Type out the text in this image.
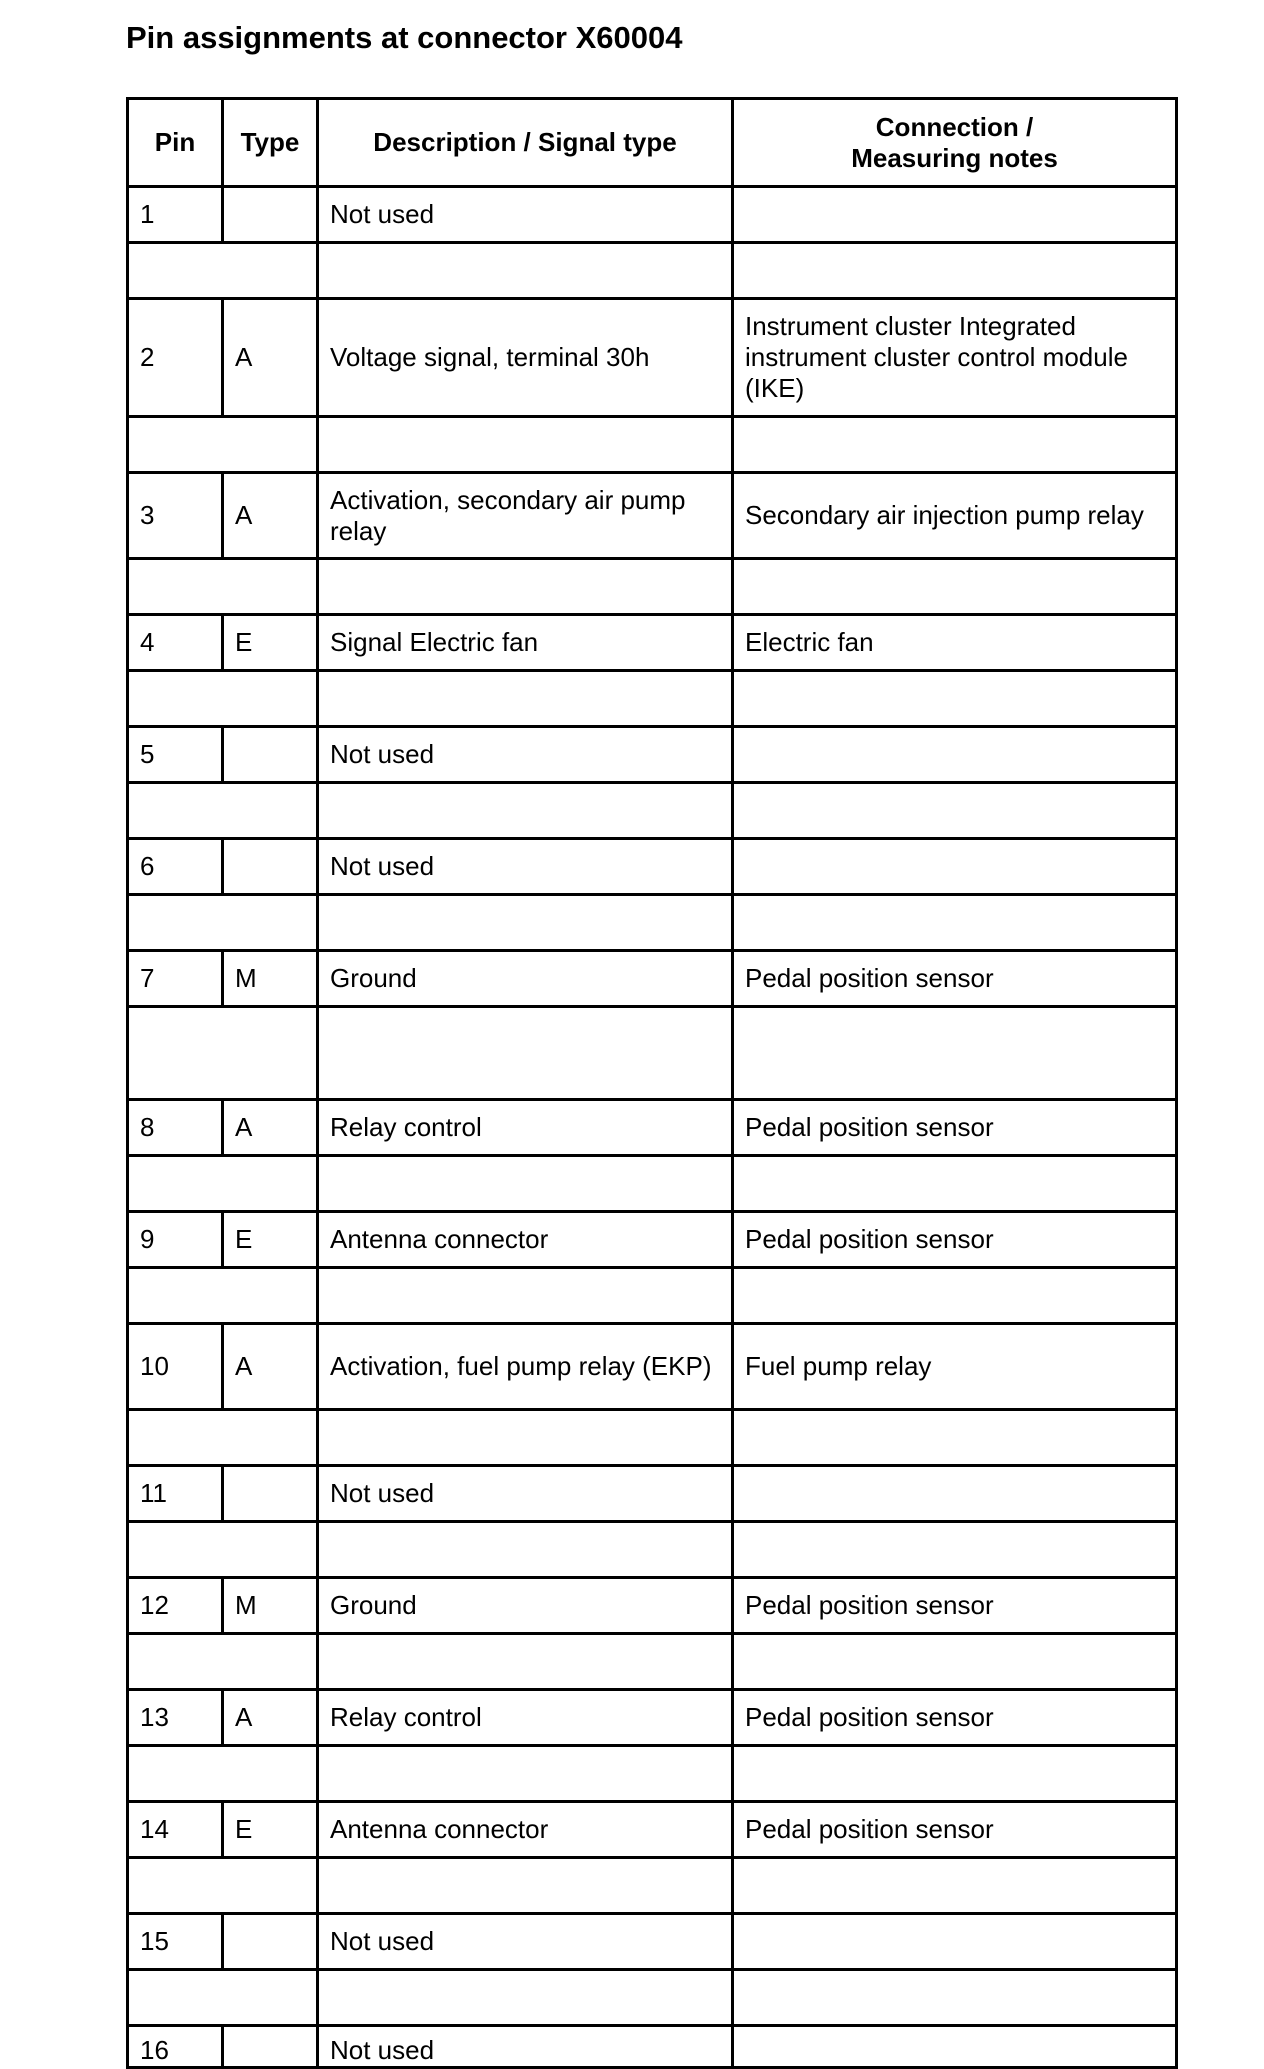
Pin assignments at connector X60004
Pin	Type	Description / Signal type	Connection /
Measuring notes
1		Not used	

2	A	Voltage signal, terminal 30h	Instrument cluster Integrated instrument cluster control module (IKE)

3	A	Activation, secondary air pump relay	Secondary air injection pump relay

4	E	Signal Electric fan	Electric fan

5		Not used	

6		Not used	

7	M	Ground	Pedal position sensor

8	A	Relay control	Pedal position sensor

9	E	Antenna connector	Pedal position sensor

10	A	Activation, fuel pump relay (EKP)	Fuel pump relay

11		Not used	

12	M	Ground	Pedal position sensor

13	A	Relay control	Pedal position sensor

14	E	Antenna connector	Pedal position sensor

15		Not used	

16		Not used	
